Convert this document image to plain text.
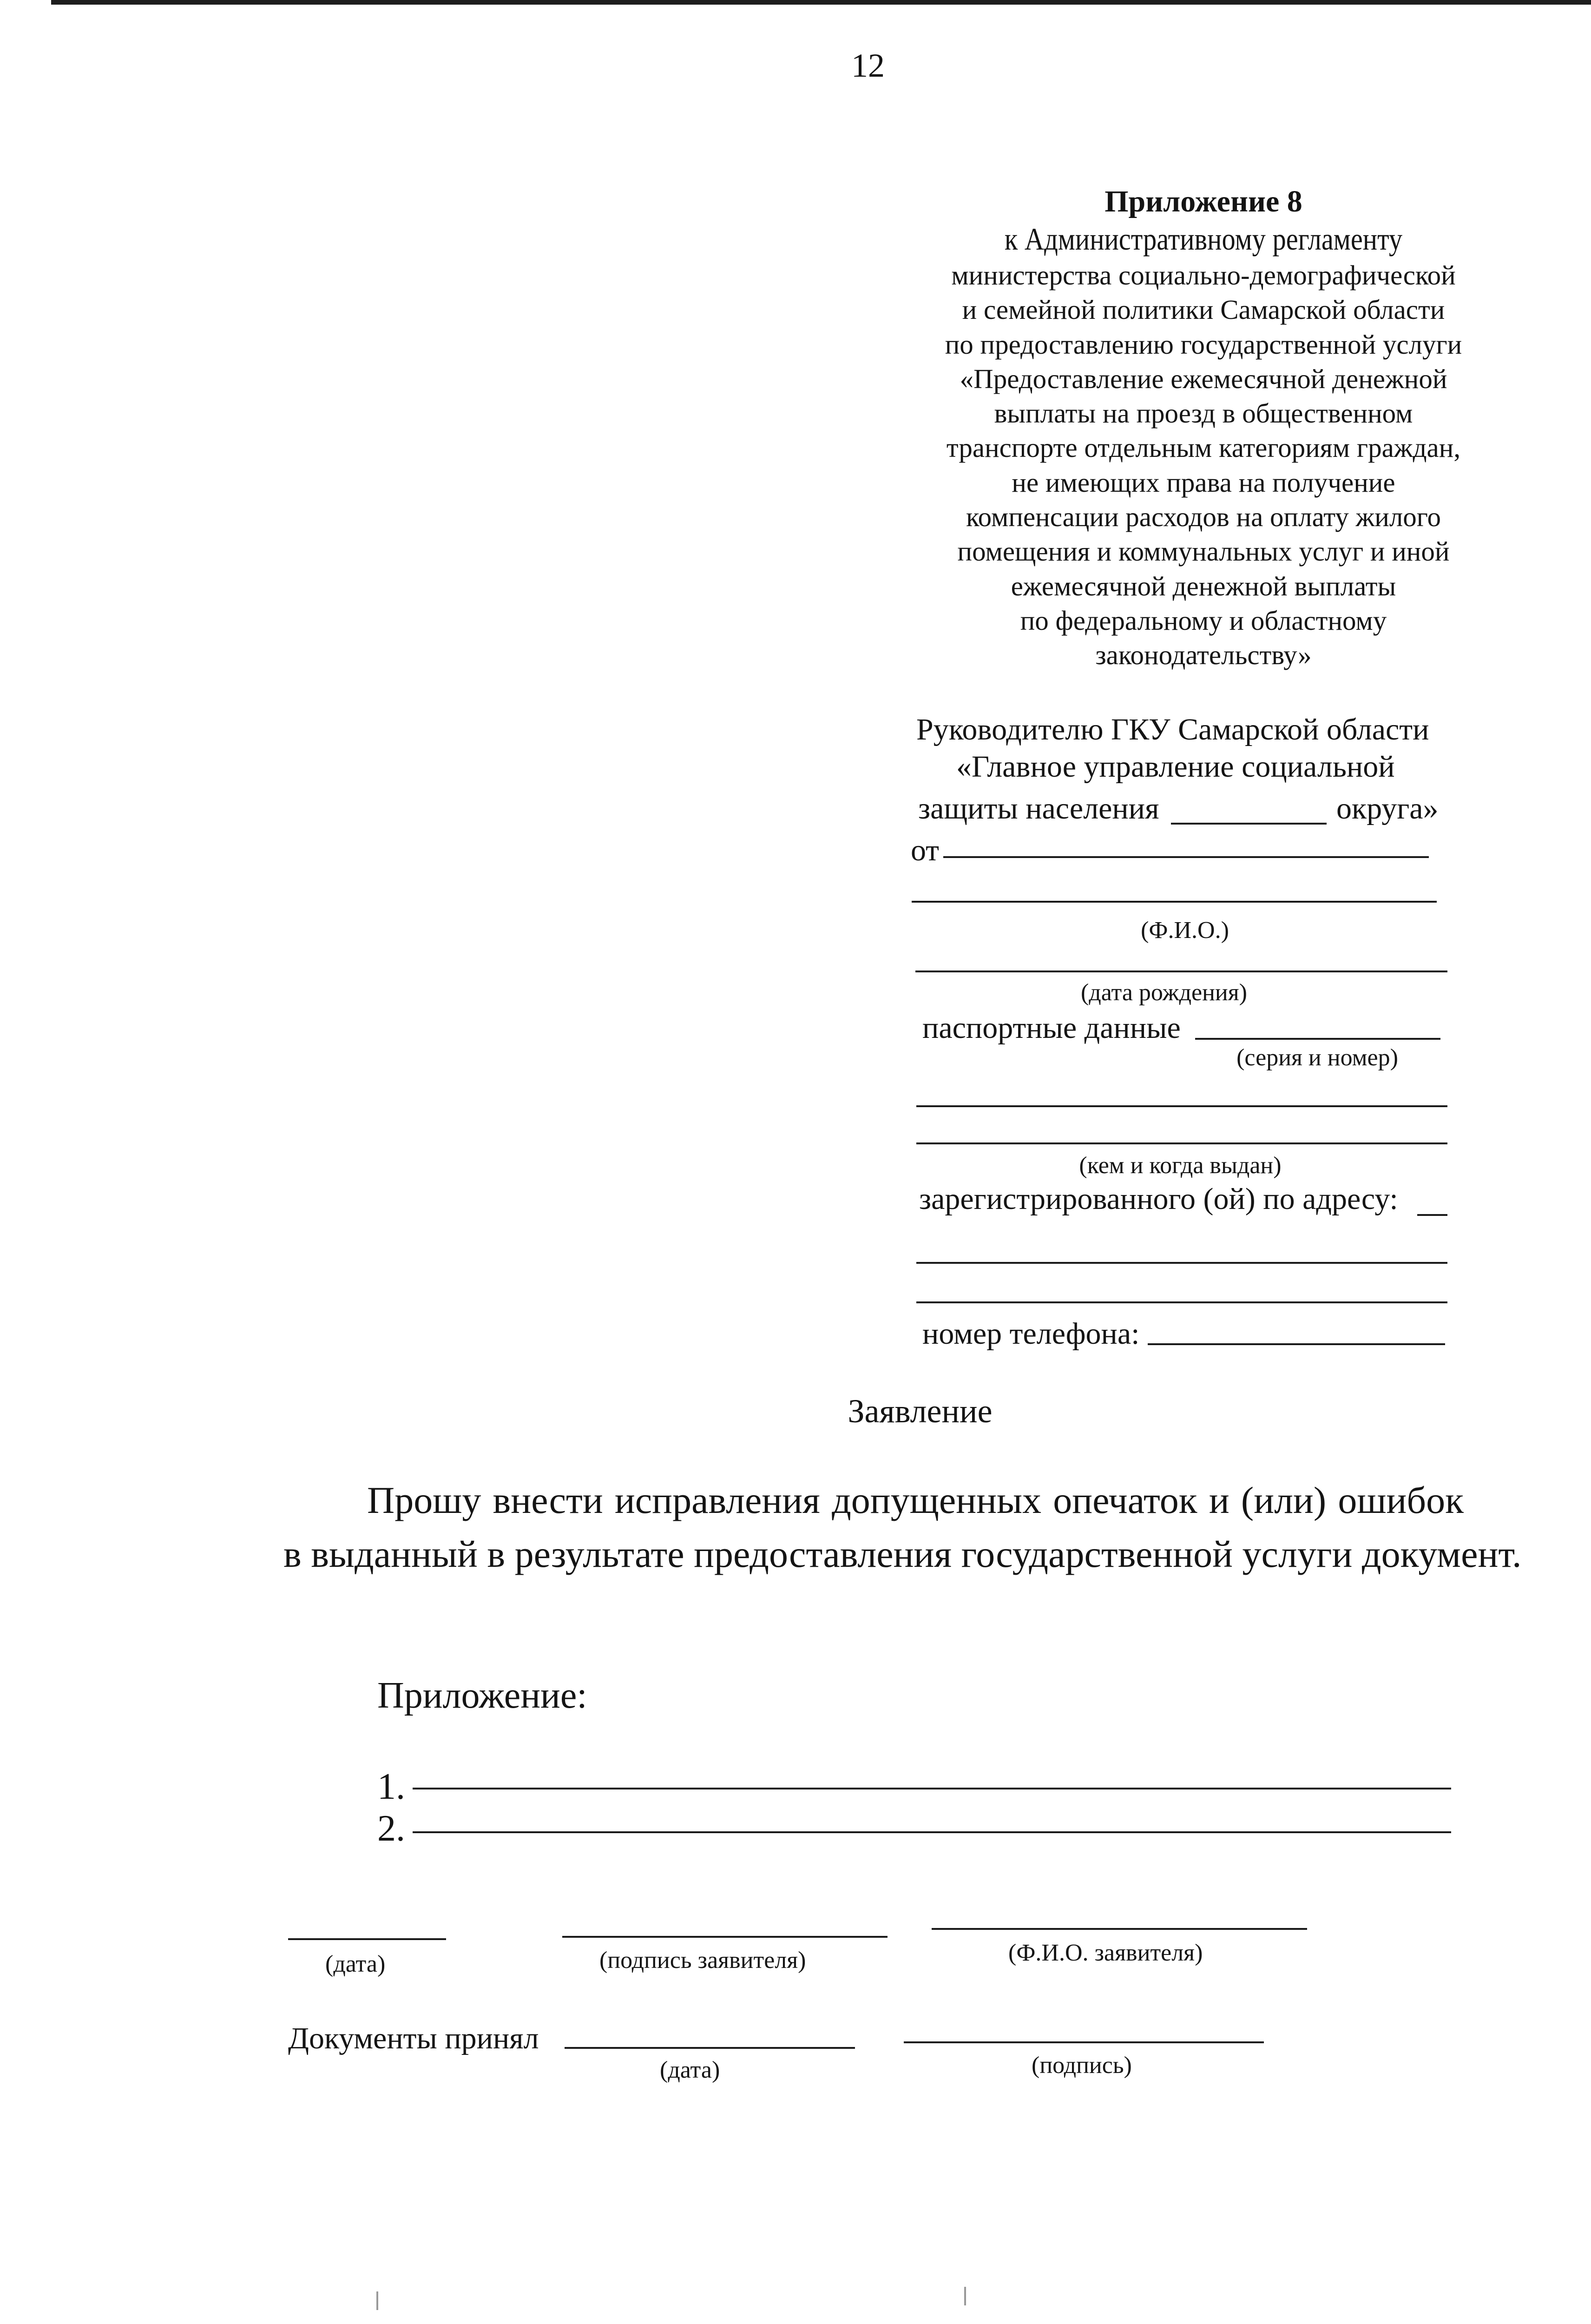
12
Приложение 8
к Административному регламенту
министерства социально-демографической
и семейной политики Самарской области
по предоставлению государственной услуги
«Предоставление ежемесячной денежной
выплаты на проезд в общественном
транспорте отдельным категориям граждан,
не имеющих права на получение
компенсации расходов на оплату жилого
помещения и коммунальных услуг и иной
ежемесячной денежной выплаты
по федеральному и областному
законодательству»
Руководителю ГКУ Самарской области
«Главное управление социальной
защиты населения	округа»
от
(Ф.И.О.)
(дата рождения)
паспортные данные
(серия и номер)
(кем и когда выдан)
зарегистрированного (ой) по адресу:
номер телефона:
Заявление
Прошу внести исправления допущенных опечаток и (или) ошибок
в выданный в результате предоставления государственной услуги документ.
Приложение:
1.
2.
(дата)	(подпись заявителя)	(Ф.И.О. заявителя)
Документы принял
(дата)	(подпись)
